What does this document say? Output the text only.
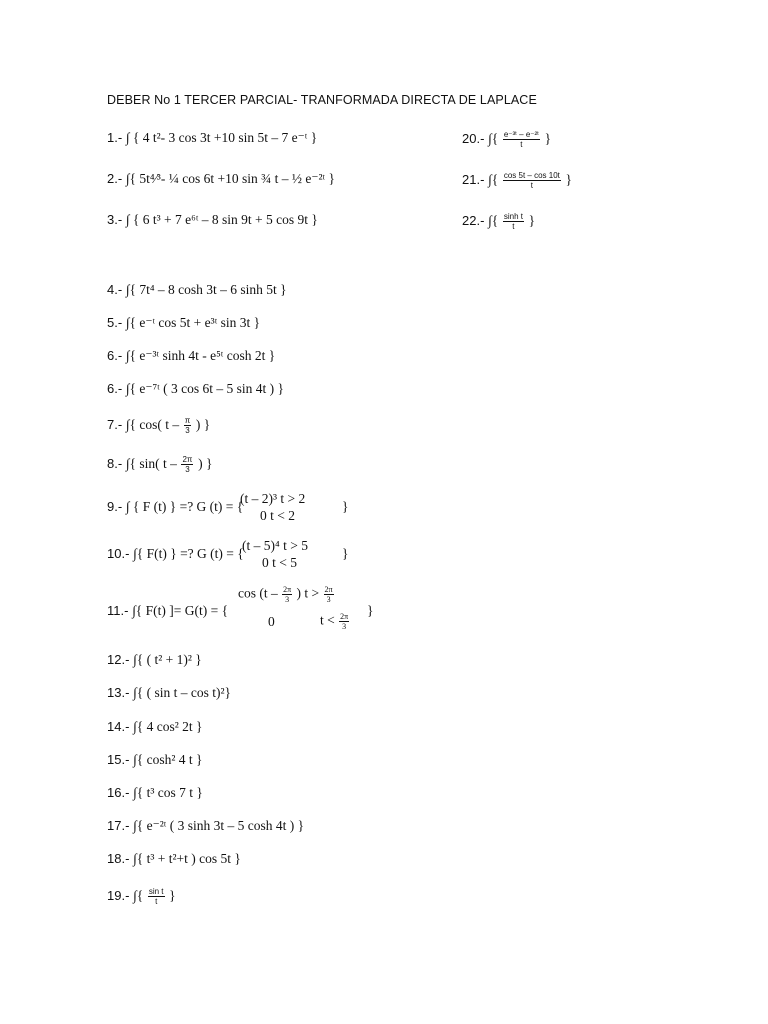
DEBER No 1 TERCER PARCIAL- TRANFORMADA DIRECTA DE LAPLACE
1.- ∫ { 4 t²- 3 cos 3t +10 sin 5t – 7 e⁻ᵗ }
2.- ∫{ 5t⁴⁄³- ¼ cos 6t +10 sin ¾ t – ½ e⁻²ᵗ }
3.- ∫ { 6 t³ + 7 e⁶ᵗ – 8 sin 9t + 5 cos 9t }
4.- ∫{ 7t⁴ – 8 cosh 3t – 6 sinh 5t }
5.- ∫{ e⁻ᵗ cos 5t + e³ᵗ sin 3t }
6.- ∫{ e⁻³ᵗ sinh 4t - e⁵ᵗ cosh 2t }
6.- ∫{ e⁻⁷ᵗ ( 3 cos 6t – 5 sin 4t ) }
7.- ∫{ cos( t – $\frac{\pi}{3}$ ) }
8.- ∫{ sin( t – $\frac{2\pi}{3}$ ) }
9.- ∫ { F (t) } =? G (t) = {
(t – 2)³ t > 2
0 t < 2
}
10.- ∫{ F(t) } =? G (t) = {
(t – 5)⁴ t > 5
0 t < 5
}
11.- ∫{ F(t) ]= G(t) = {
$\cos (t - \frac{2\pi}{3}$ ) $t > \frac{2\pi}{3}$
0	$t < \frac{2\pi}{3}$
}
12.- ∫{ ( t² + 1)² }
13.- ∫{ ( sin t – cos t)²}
14.- ∫{ 4 cos² 2t }
15.- ∫{ cosh² 4 t }
16.- ∫{ t³ cos 7 t }
17.- ∫{ e⁻²ᵗ ( 3 sinh 3t – 5 cosh 4t ) }
18.- ∫{ t³ + t²+t ) cos 5t }
19.- ∫{ $\frac{\text{sin t}}{t}$ }
20.- ∫{ $\frac{\text{e⁻³ᵗ – e⁻²ᵗ}}{t}$ }
21.- ∫{ $\frac{\cos 5t - \cos 10t}{t}$ }
22.- ∫{ $\frac{\text{sinh t}}{t}$ }
